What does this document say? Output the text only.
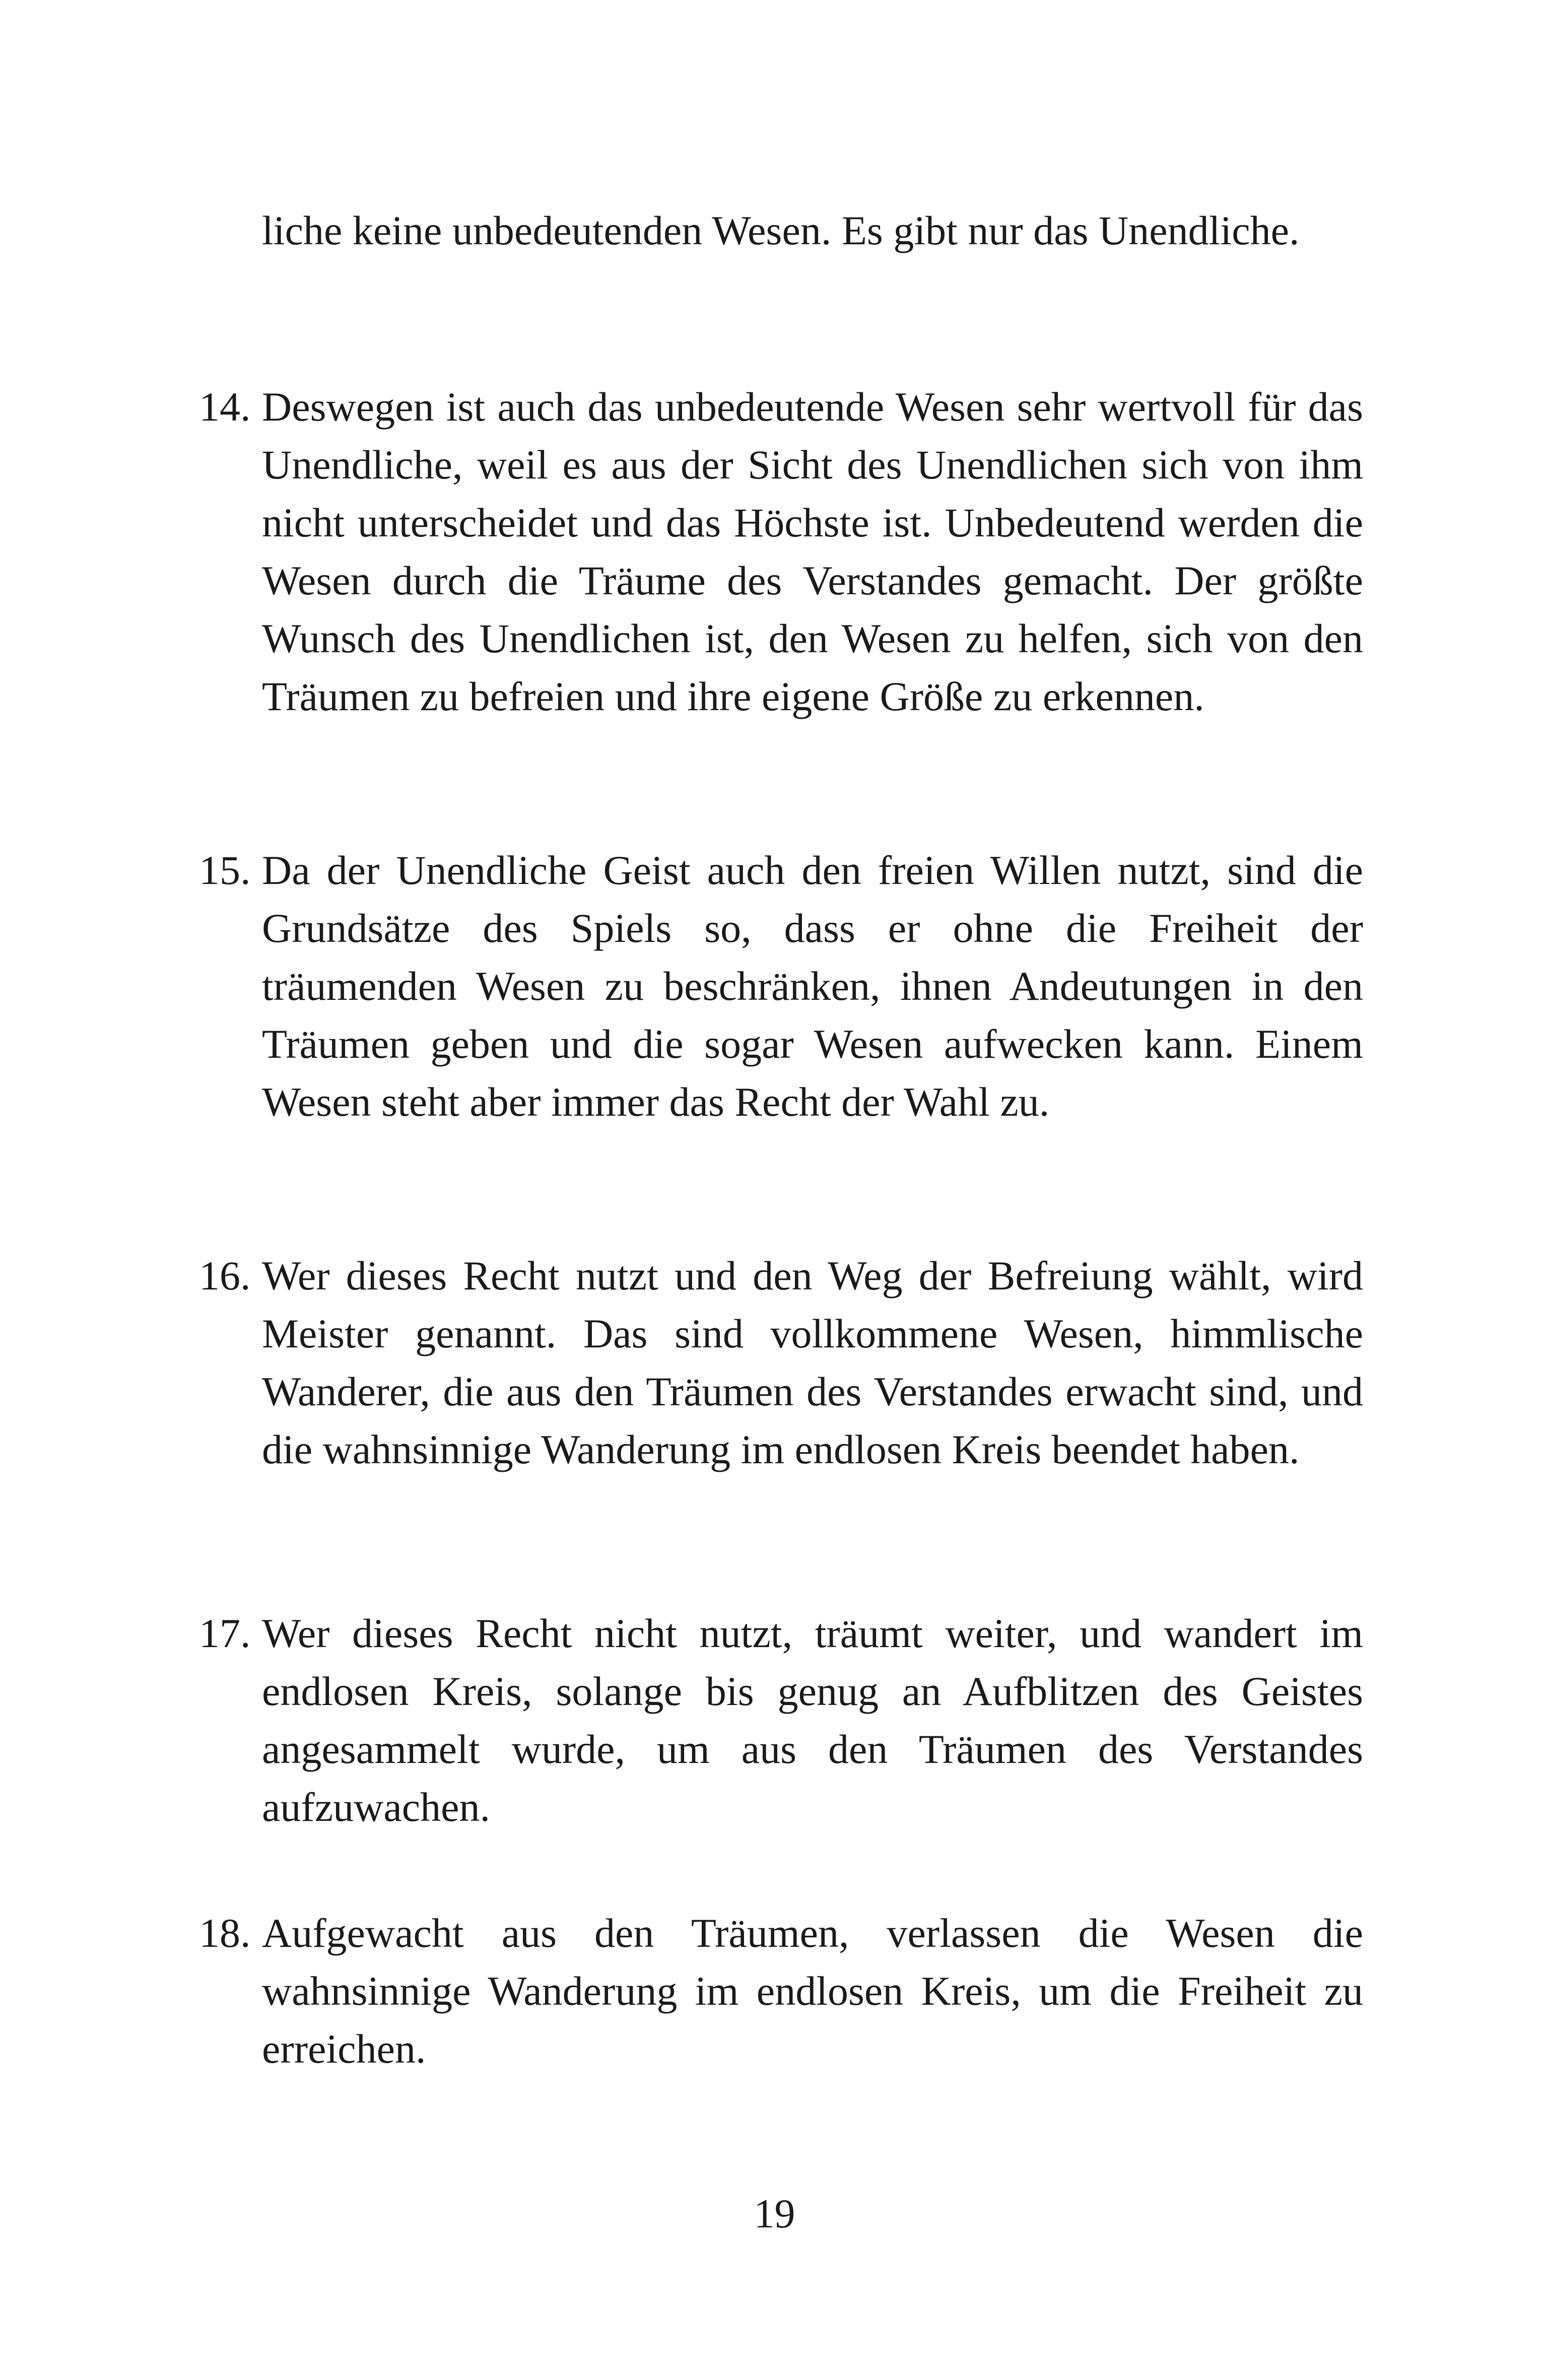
liche keine unbedeutenden Wesen. Es gibt nur das Unendliche.
14. Deswegen ist auch das unbedeutende Wesen sehr wertvoll für das Unendliche, weil es aus der Sicht des Unendlichen sich von ihm nicht unterscheidet und das Höchste ist. Unbedeutend werden die Wesen durch die Träume des Verstandes gemacht. Der größte Wunsch des Unendlichen ist, den Wesen zu helfen, sich von den Träumen zu befreien und ihre eigene Größe zu erkennen.
15. Da der Unendliche Geist auch den freien Willen nutzt, sind die Grundsätze des Spiels so, dass er ohne die Freiheit der träumenden Wesen zu beschränken, ihnen Andeutungen in den Träumen geben und die sogar Wesen aufwecken kann. Einem Wesen steht aber immer das Recht der Wahl zu.
16. Wer dieses Recht nutzt und den Weg der Befreiung wählt, wird Meister genannt. Das sind vollkommene Wesen, himmlische Wanderer, die aus den Träumen des Verstandes erwacht sind, und die wahnsinnige Wanderung im endlosen Kreis beendet haben.
17. Wer dieses Recht nicht nutzt, träumt weiter, und wandert im endlosen Kreis, solange bis genug an Aufblitzen des Geistes angesammelt wurde, um aus den Träumen des Verstandes aufzuwachen.
18. Aufgewacht aus den Träumen, verlassen die Wesen die wahnsinnige Wanderung im endlosen Kreis, um die Freiheit zu erreichen.
19
